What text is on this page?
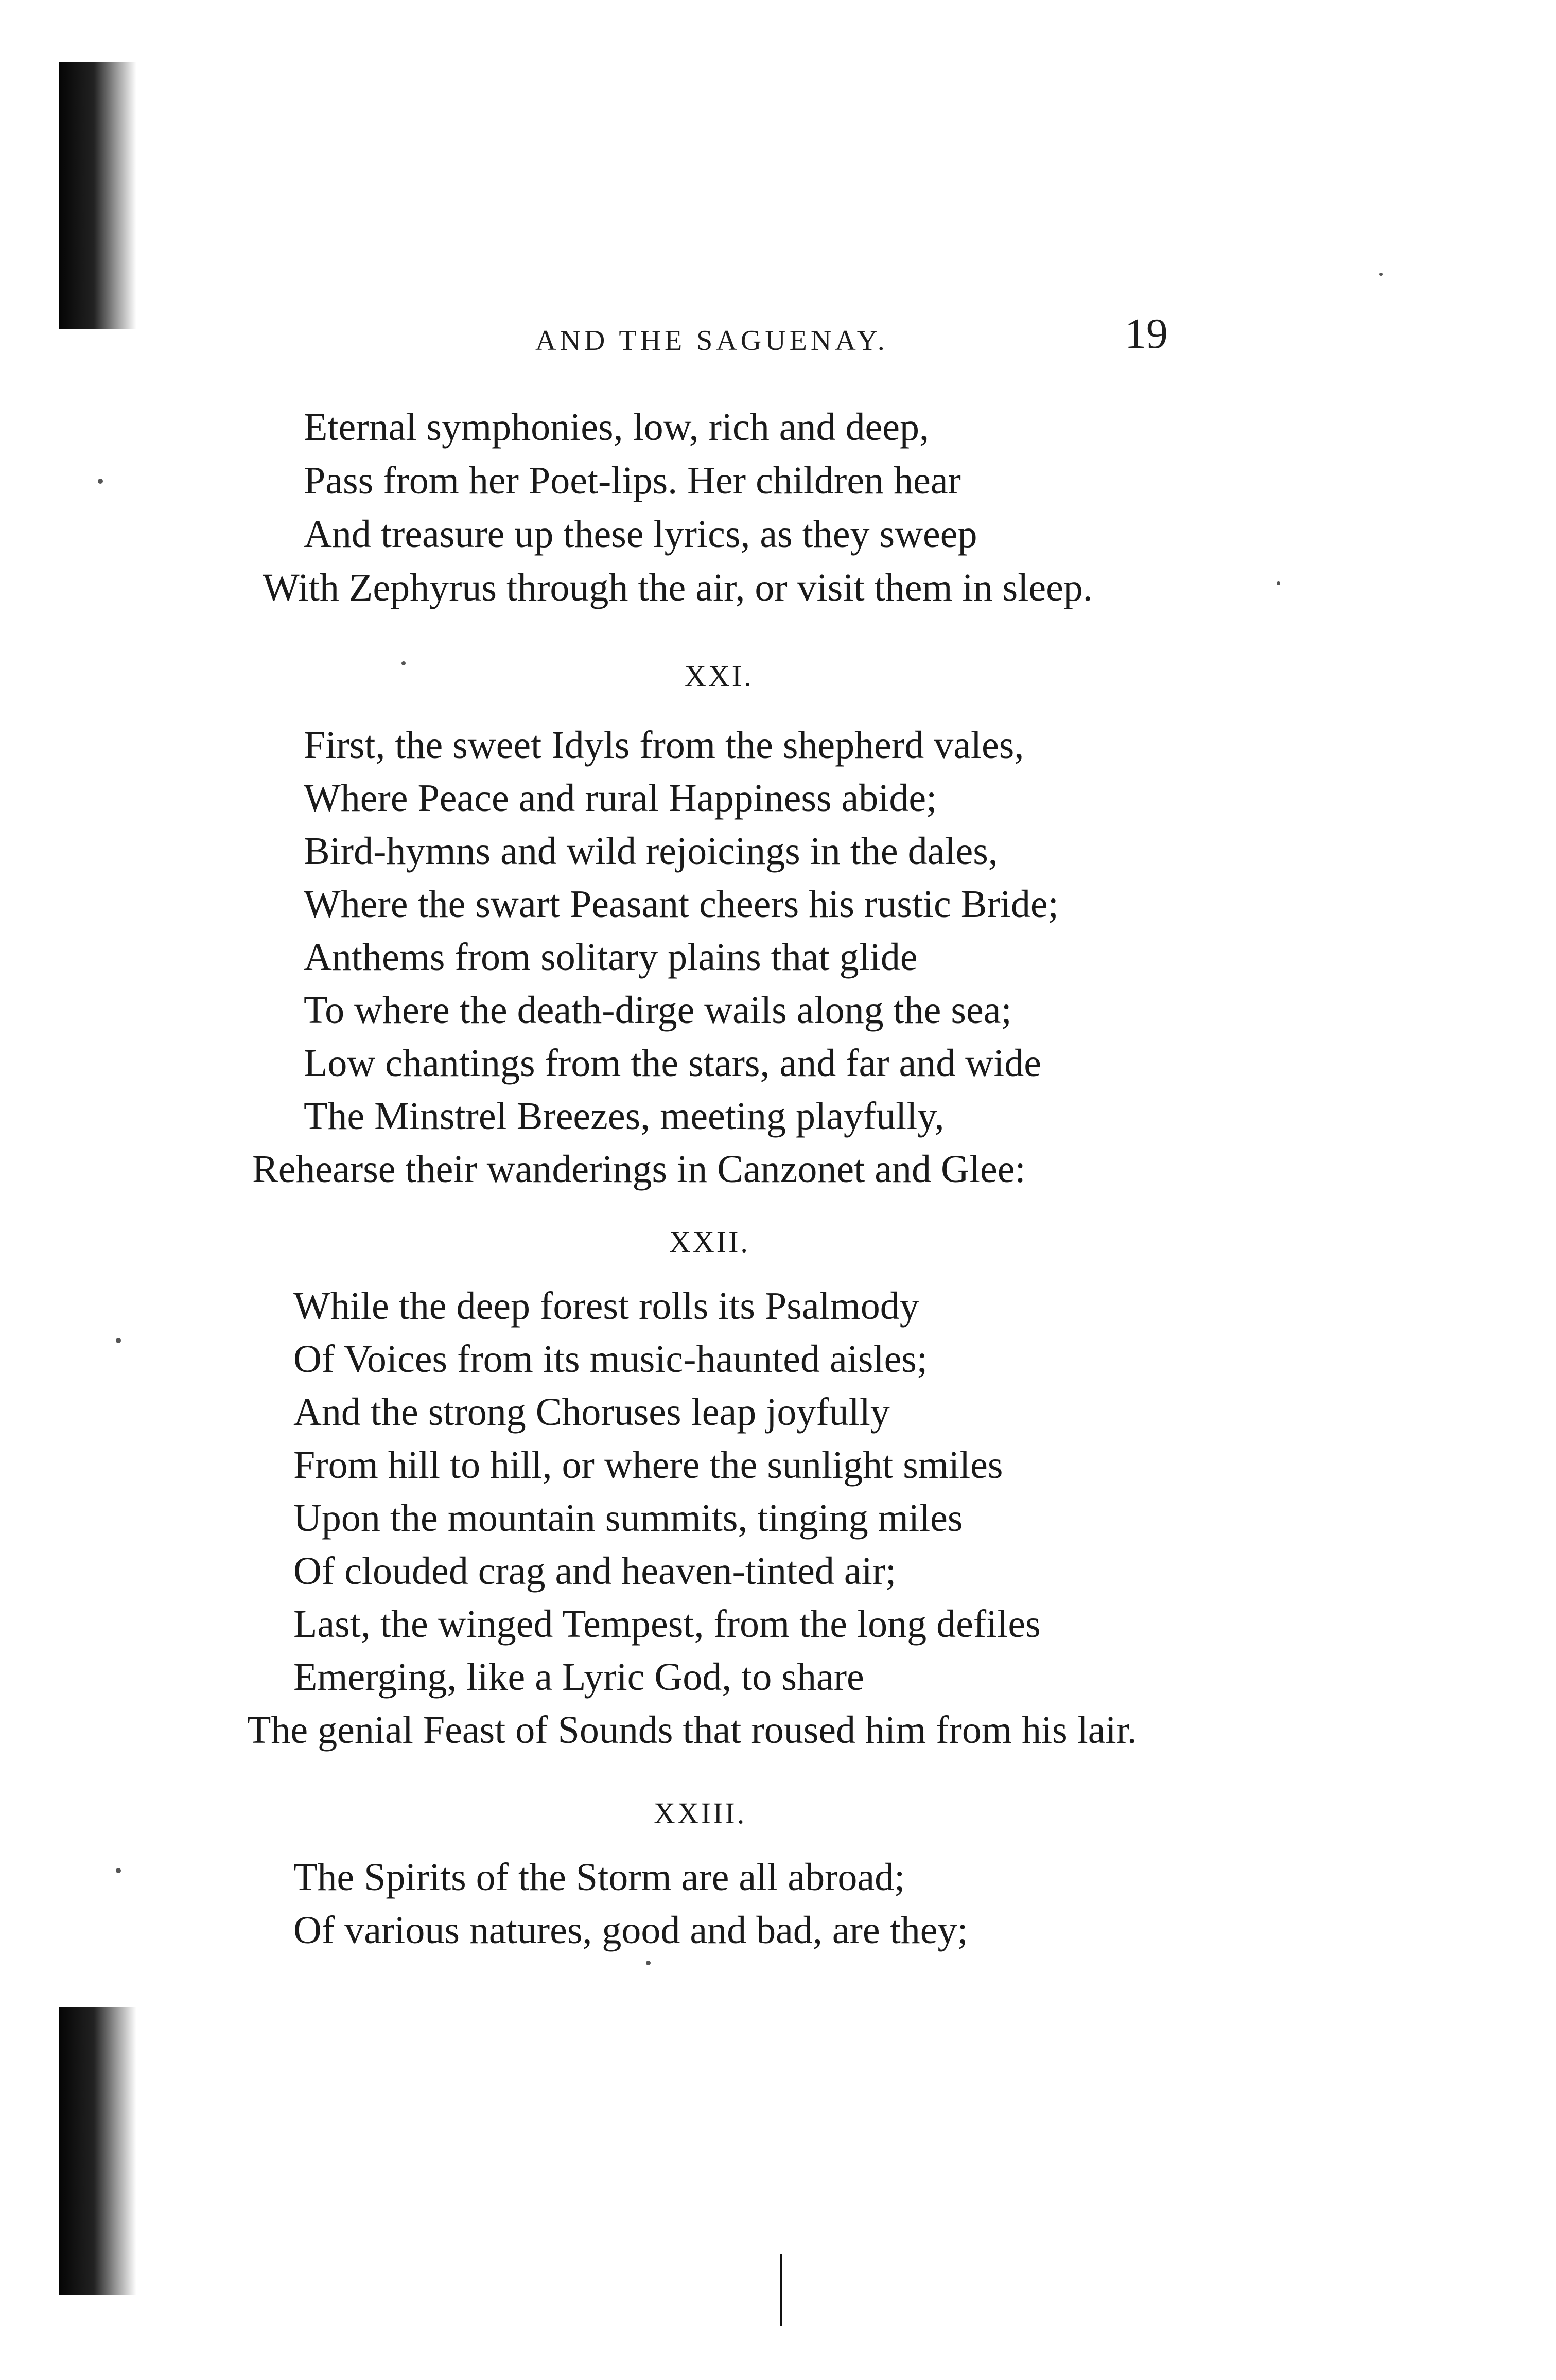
AND THE SAGUENAY.	19
Eternal symphonies, low, rich and deep,
Pass from her Poet-lips. Her children hear
And treasure up these lyrics, as they sweep
With Zephyrus through the air, or visit them in sleep.
XXI.
First, the sweet Idyls from the shepherd vales,
Where Peace and rural Happiness abide;
Bird-hymns and wild rejoicings in the dales,
Where the swart Peasant cheers his rustic Bride;
Anthems from solitary plains that glide
To where the death-dirge wails along the sea;
Low chantings from the stars, and far and wide
The Minstrel Breezes, meeting playfully,
Rehearse their wanderings in Canzonet and Glee:
XXII.
While the deep forest rolls its Psalmody
Of Voices from its music-haunted aisles;
And the strong Choruses leap joyfully
From hill to hill, or where the sunlight smiles
Upon the mountain summits, tinging miles
Of clouded crag and heaven-tinted air;
Last, the winged Tempest, from the long defiles
Emerging, like a Lyric God, to share
The genial Feast of Sounds that roused him from his lair.
XXIII.
The Spirits of the Storm are all abroad;
Of various natures, good and bad, are they;
